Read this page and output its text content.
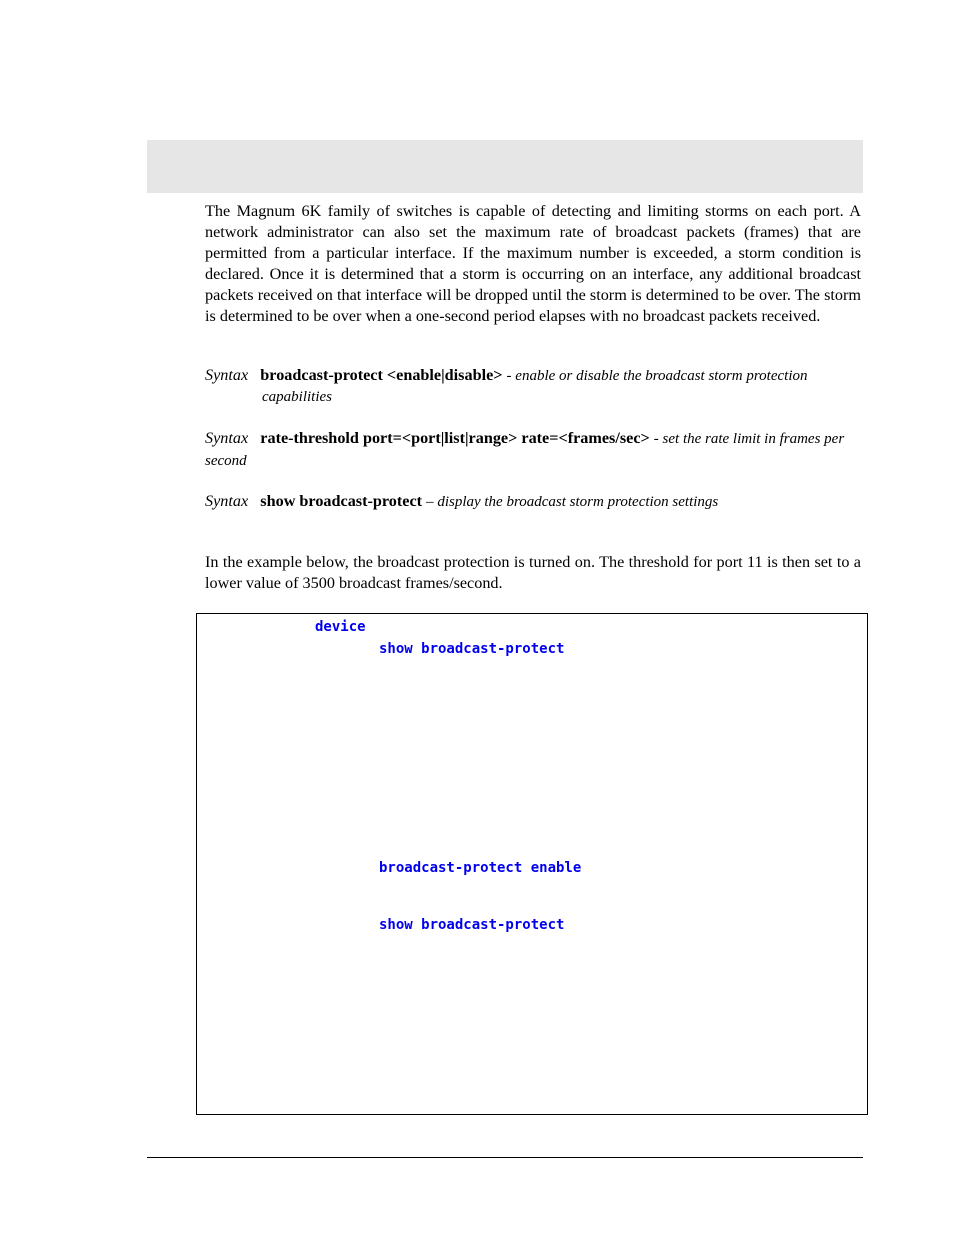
The Magnum 6K family of switches is capable of detecting and limiting storms on each port. A network administrator can also set the maximum rate of broadcast packets (frames) that are permitted from a particular interface. If the maximum number is exceeded, a storm condition is declared. Once it is determined that a storm is occurring on an interface, any additional broadcast packets received on that interface will be dropped until the storm is determined to be over. The storm is determined to be over when a one-second period elapses with no broadcast packets received.

Syntax broadcast-protect <enable|disable> - enable or disable the broadcast storm protection
capabilities

Syntax rate-threshold port=<port|list|range> rate=<frames/sec> - set the rate limit in frames per second

Syntax show broadcast-protect – display the broadcast storm protection settings

In the example below, the broadcast protection is turned on. The threshold for port 11 is then set to a lower value of 3500 broadcast frames/second.

device
show broadcast-protect
broadcast-protect enable
show broadcast-protect
